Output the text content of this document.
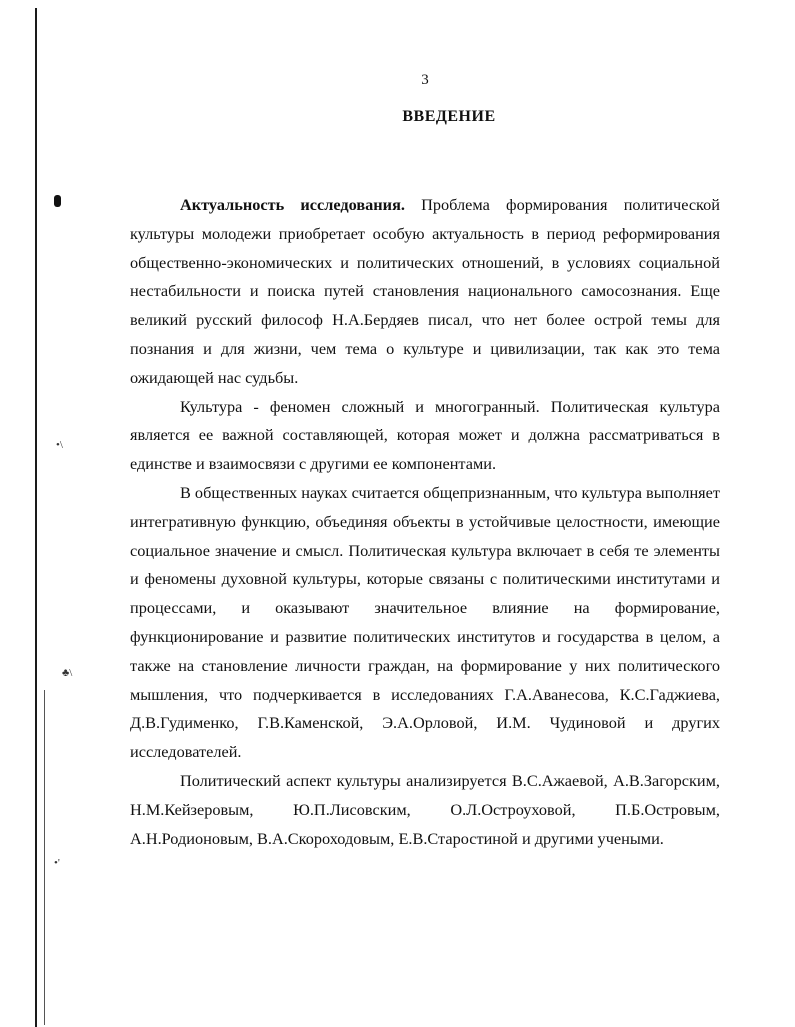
•\
♣\
•'
3
ВВЕДЕНИЕ

Актуальность исследования. Проблема формирования политической культуры молодежи приобретает особую актуальность в период реформирования общественно-экономических и политических отношений, в условиях социальной нестабильности и поиска путей становления национального самосознания. Еще великий русский философ Н.А.Бердяев писал, что нет более острой темы для познания и для жизни, чем тема о культуре и цивилизации, так как это тема ожидающей нас судьбы.

Культура - феномен сложный и многогранный. Политическая культура является ее важной составляющей, которая может и должна рассматриваться в единстве и взаимосвязи с другими ее компонентами.

В общественных науках считается общепризнанным, что культура выполняет интегративную функцию, объединяя объекты в устойчивые целостности, имеющие социальное значение и смысл. Политическая культура включает в себя те элементы и феномены духовной культуры, которые связаны с политическими институтами и процессами, и оказывают значительное влияние на формирование, функционирование и развитие политических институтов и государства в целом, а также на становление личности граждан, на формирование у них политического мышления, что подчеркивается в исследованиях Г.А.Аванесова, К.С.Гаджиева, Д.В.Гудименко, Г.В.Каменской, Э.А.Орловой, И.М. Чудиновой и других исследователей.

Политический аспект культуры анализируется В.С.Ажаевой, А.В.Загорским, Н.М.Кейзеровым, Ю.П.Лисовским, О.Л.Остроуховой, П.Б.Островым, А.Н.Родионовым, В.А.Скороходовым, Е.В.Старостиной и другими учеными.
